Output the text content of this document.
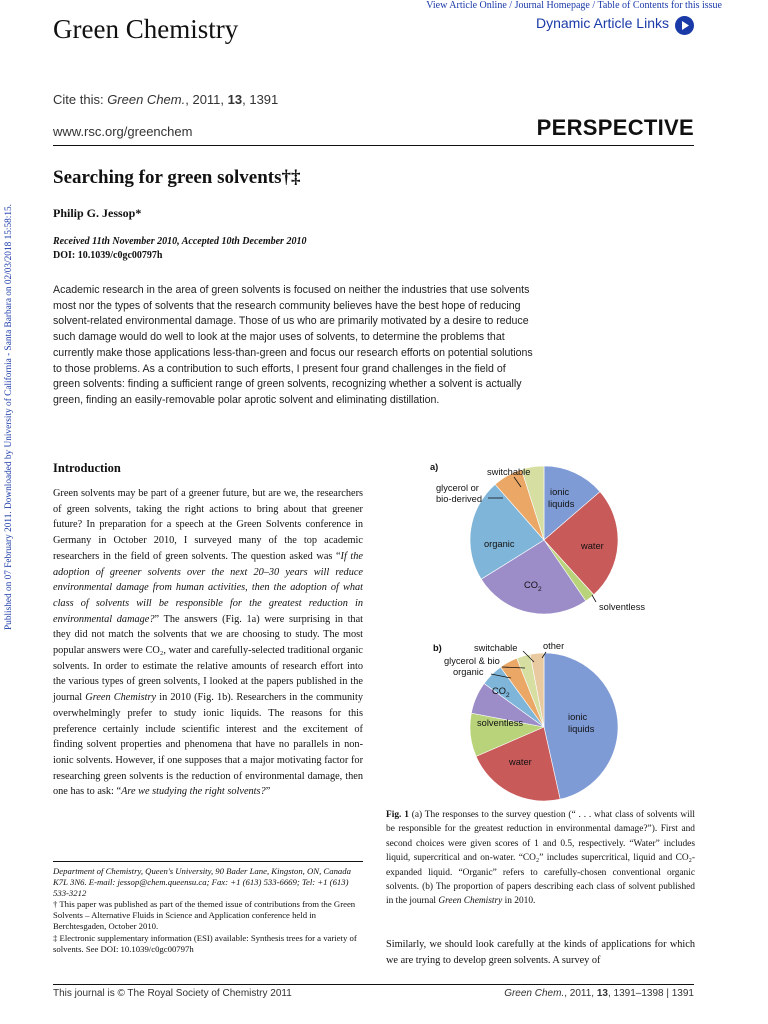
View Article Online / Journal Homepage / Table of Contents for this issue
Dynamic Article Links
Green Chemistry
Cite this: Green Chem., 2011, 13, 1391
www.rsc.org/greenchem	PERSPECTIVE
Published on 07 February 2011. Downloaded by University of California - Santa Barbara on 02/03/2018 15:58:15.
Searching for green solvents†‡
Philip G. Jessop*
Received 11th November 2010, Accepted 10th December 2010
DOI: 10.1039/c0gc00797h
Academic research in the area of green solvents is focused on neither the industries that use solvents most nor the types of solvents that the research community believes have the best hope of reducing solvent-related environmental damage. Those of us who are primarily motivated by a desire to reduce such damage would do well to look at the major uses of solvents, to determine the problems that currently make those applications less-than-green and focus our research efforts on potential solutions to those problems. As a contribution to such efforts, I present four grand challenges in the field of green solvents: finding a sufficient range of green solvents, recognizing whether a solvent is actually green, finding an easily-removable polar aprotic solvent and eliminating distillation.
Introduction
Green solvents may be part of a greener future, but are we, the researchers of green solvents, taking the right actions to bring about that greener future? In preparation for a speech at the Green Solvents conference in Germany in October 2010, I surveyed many of the top academic researchers in the field of green solvents. The question asked was “If the adoption of greener solvents over the next 20–30 years will reduce environmental damage from human activities, then the adoption of what class of solvents will be responsible for the greatest reduction in environmental damage?” The answers (Fig. 1a) were surprising in that they did not match the solvents that we are choosing to study. The most popular answers were CO₂, water and carefully-selected traditional organic solvents. In order to estimate the relative amounts of research effort into the various types of green solvents, I looked at the papers published in the journal Green Chemistry in 2010 (Fig. 1b). Researchers in the community overwhelmingly prefer to study ionic liquids. The reasons for this preference certainly include scientific interest and the excitement of finding solvent properties and phenomena that have no parallels in non-ionic solvents. However, if one supposes that a major motivating factor for researching green solvents is the reduction of environmental damage, then one has to ask: “Are we studying the right solvents?”

Department of Chemistry, Queen's University, 90 Bader Lane, Kingston, ON, Canada K7L 3N6. E-mail: jessop@chem.queensu.ca; Fax: +1 (613) 533-6669; Tel: +1 (613) 533-3212

† This paper was published as part of the themed issue of contributions from the Green Solvents – Alternative Fluids in Science and Application conference held in Berchtesgaden, October 2010.

‡ Electronic supplementary information (ESI) available: Synthesis trees for a variety of solvents. See DOI: 10.1039/c0gc00797h

a)	switchable
glycerol or
bio-derived
ionic
liquids
organic	water
$CO_2$
solventless
b)	switchable	other
glycerol & bio
organic
$CO_2$
solventless
ionic
liquids
water
Fig. 1 (a) The responses to the survey question (“ . . . what class of solvents will be responsible for the greatest reduction in environmental damage?”). First and second choices were given scores of 1 and 0.5, respectively. “Water” includes liquid, supercritical and on-water. “CO₂” includes supercritical, liquid and CO₂-expanded liquid. “Organic” refers to carefully-chosen conventional organic solvents. (b) The proportion of papers describing each class of solvent published in the journal Green Chemistry in 2010.
Similarly, we should look carefully at the kinds of applications for which we are trying to develop green solvents. A survey of
This journal is © The Royal Society of Chemistry 2011	Green Chem., 2011, 13, 1391–1398 | 1391
